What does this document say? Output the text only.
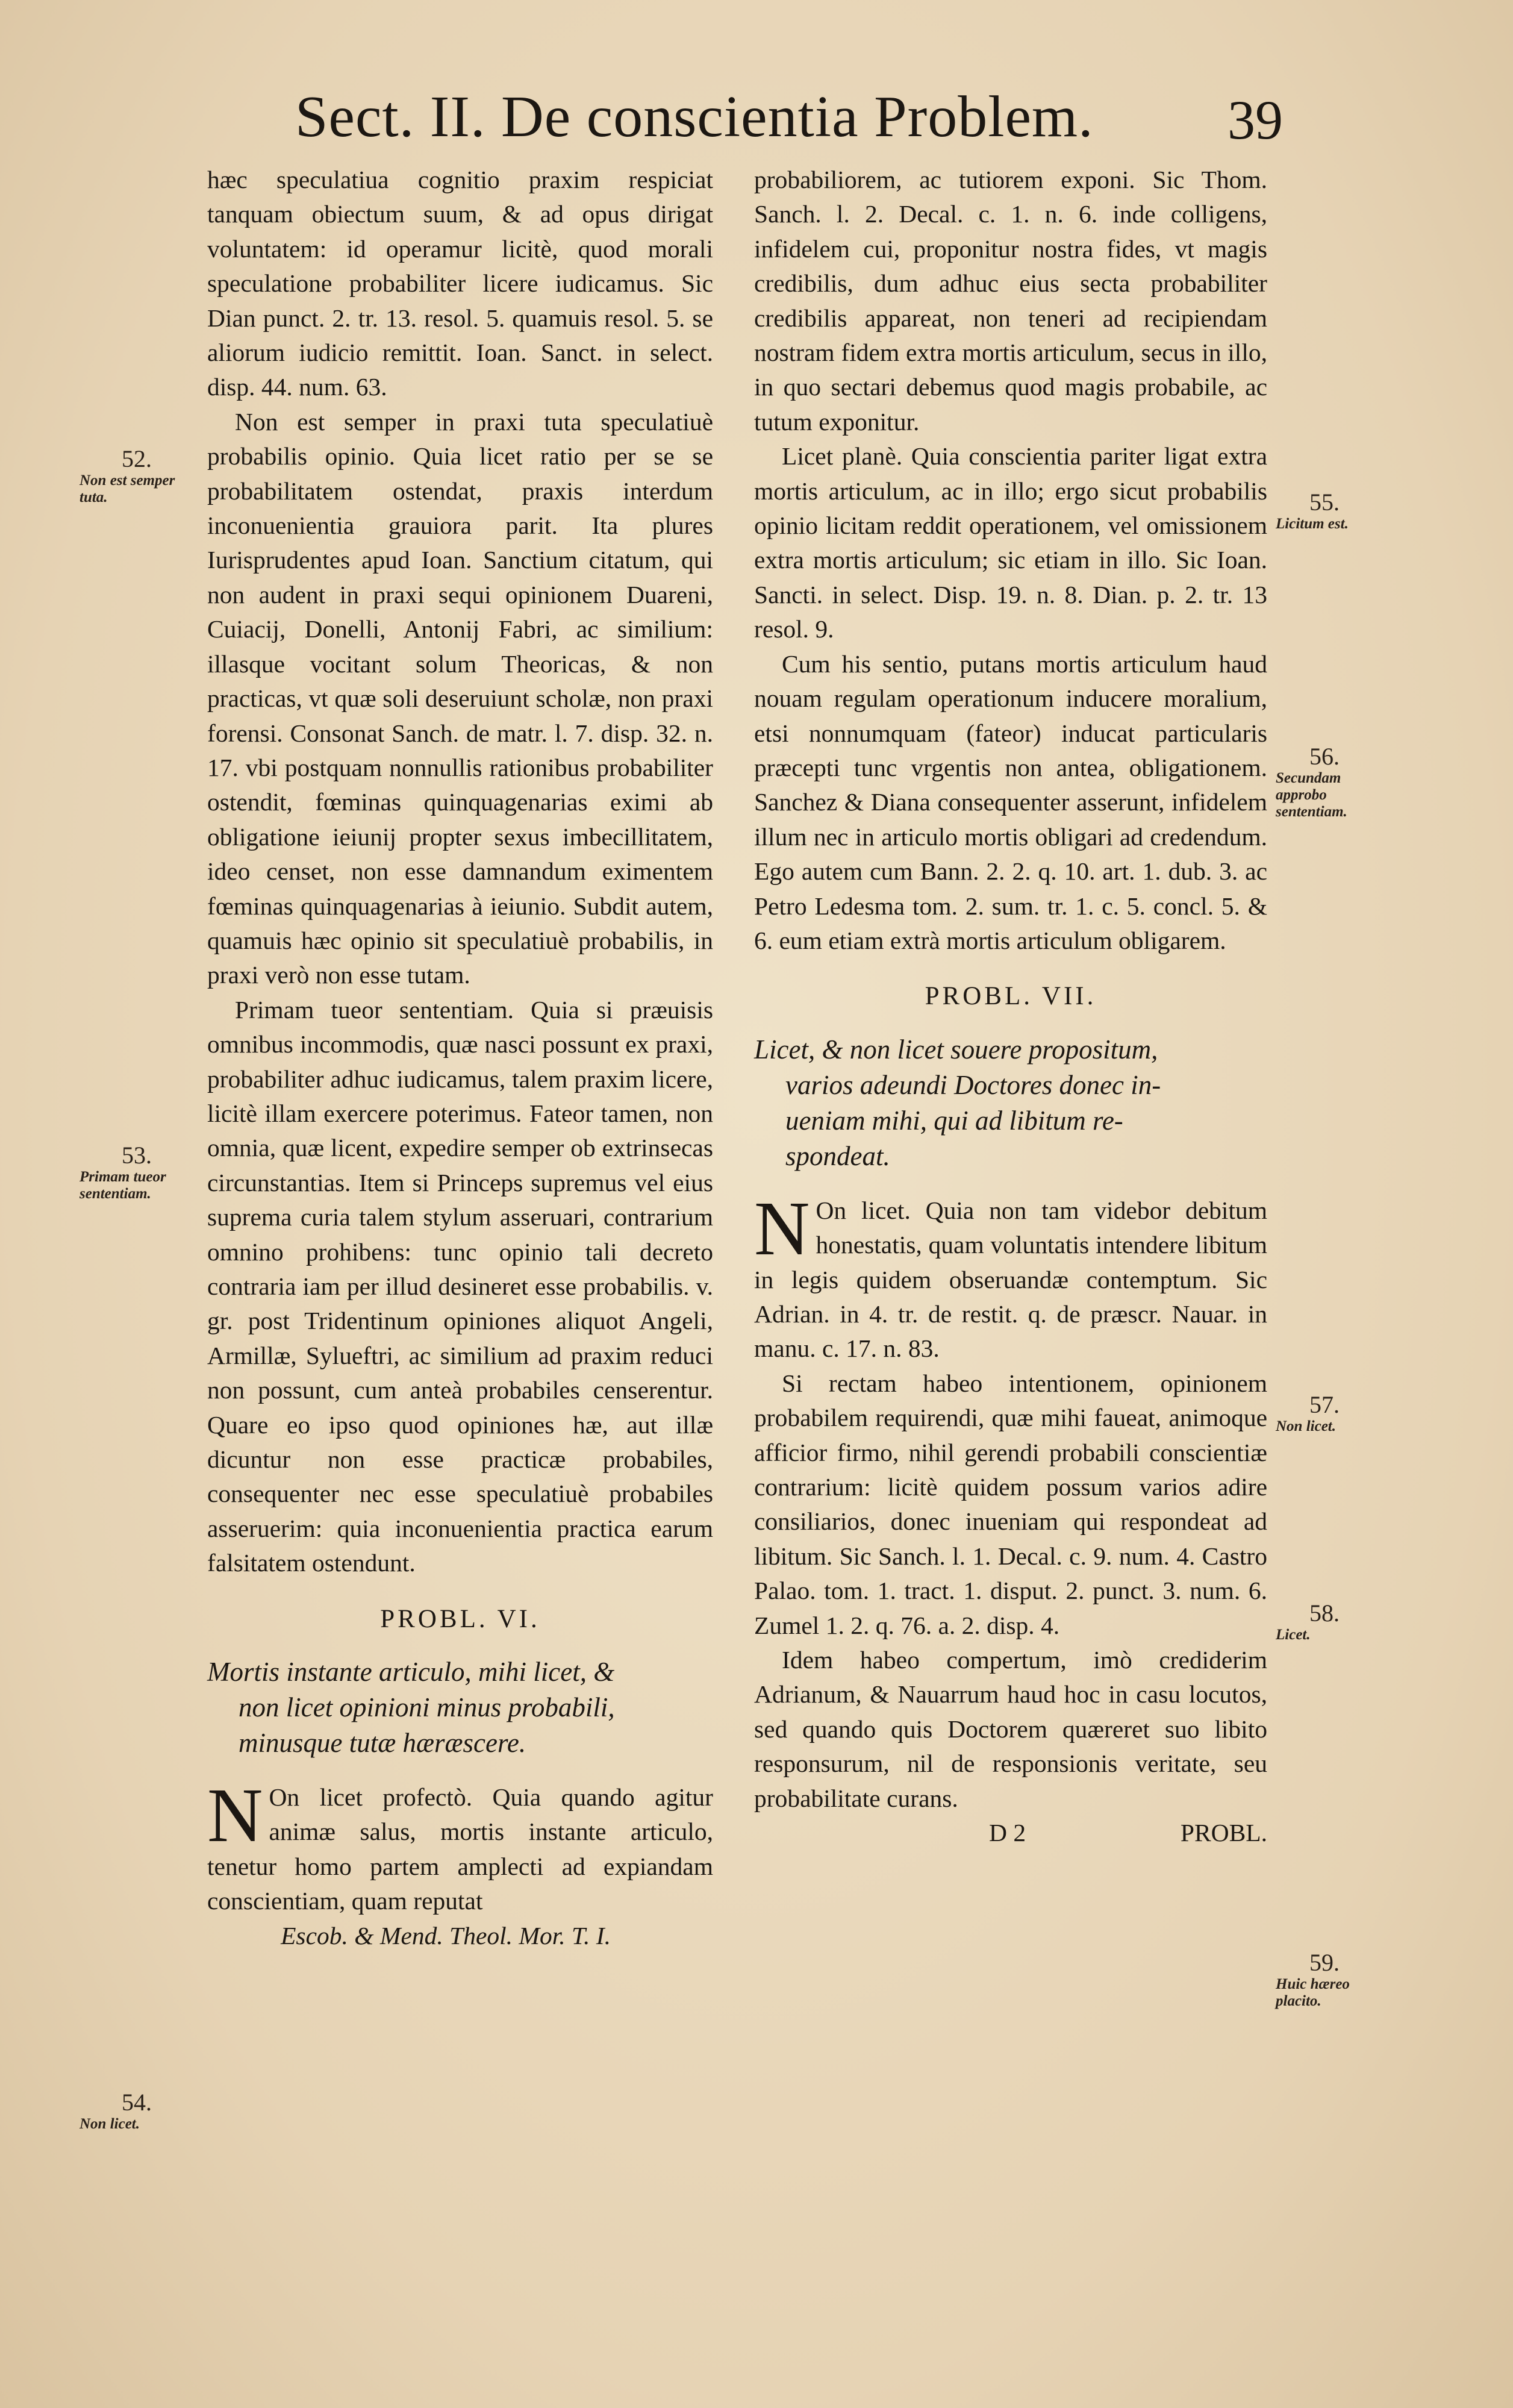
Sect. II. De conscientia Problem. 39

hæc speculatiua cognitio praxim respiciat tanquam obiectum suum, & ad opus dirigat voluntatem: id operamur licitè, quod morali speculatione probabiliter licere iudicamus. Sic Dian punct. 2. tr. 13. resol. 5. quamuis resol. 5. se aliorum iudicio remittit. Ioan. Sanct. in select. disp. 44. num. 63.

Non est semper in praxi tuta speculatiuè probabilis opinio. Quia licet ratio per se se probabilitatem ostendat, praxis interdum inconuenientia grauiora parit. Ita plures Iurisprudentes apud Ioan. Sanctium citatum, qui non audent in praxi sequi opinionem Duareni, Cuiacij, Donelli, Antonij Fabri, ac similium: illasque vocitant solum Theoricas, & non practicas, vt quæ soli deseruiunt scholæ, non praxi forensi. Consonat Sanch. de matr. l. 7. disp. 32. n. 17. vbi postquam nonnullis rationibus probabiliter ostendit, fœminas quinquagenarias eximi ab obligatione ieiunij propter sexus imbecillitatem, ideo censet, non esse damnandum eximentem fœminas quinquagenarias à ieiunio. Subdit autem, quamuis hæc opinio sit speculatiuè probabilis, in praxi verò non esse tutam.

Primam tueor sententiam. Quia si præuisis omnibus incommodis, quæ nasci possunt ex praxi, probabiliter adhuc iudicamus, talem praxim licere, licitè illam exercere poterimus. Fateor tamen, non omnia, quæ licent, expedire semper ob extrinsecas circunstantias. Item si Princeps supremus vel eius suprema curia talem stylum asseruari, contrarium omnino prohibens: tunc opinio tali decreto contraria iam per illud desineret esse probabilis. v. gr. post Tridentinum opiniones aliquot Angeli, Armillæ, Sylueftri, ac similium ad praxim reduci non possunt, cum anteà probabiles censerentur. Quare eo ipso quod opiniones hæ, aut illæ dicuntur non esse practicæ probabiles, consequenter nec esse speculatiuè probabiles asseruerim: quia inconuenientia practica earum falsitatem ostendunt.

PROBL. VI.

Mortis instante articulo, mihi licet, &
non licet opinioni minus probabili,
minusque tutæ hæræscere.

N On licet profectò. Quia quando agitur animæ salus, mortis instante articulo, tenetur homo partem amplecti ad expiandam conscientiam, quam reputat

Escob. & Mend. Theol. Mor. T. I.

probabiliorem, ac tutiorem exponi. Sic Thom. Sanch. l. 2. Decal. c. 1. n. 6. inde colligens, infidelem cui, proponitur nostra fides, vt magis credibilis, dum adhuc eius secta probabiliter credibilis appareat, non teneri ad recipiendam nostram fidem extra mortis articulum, secus in illo, in quo sectari debemus quod magis probabile, ac tutum exponitur.

Licet planè. Quia conscientia pariter ligat extra mortis articulum, ac in illo; ergo sicut probabilis opinio licitam reddit operationem, vel omissionem extra mortis articulum; sic etiam in illo. Sic Ioan. Sancti. in select. Disp. 19. n. 8. Dian. p. 2. tr. 13 resol. 9.

Cum his sentio, putans mortis articulum haud nouam regulam operationum inducere moralium, etsi nonnumquam (fateor) inducat particularis præcepti tunc vrgentis non antea, obligationem. Sanchez & Diana consequenter asserunt, infidelem illum nec in articulo mortis obligari ad credendum. Ego autem cum Bann. 2. 2. q. 10. art. 1. dub. 3. ac Petro Ledesma tom. 2. sum. tr. 1. c. 5. concl. 5. & 6. eum etiam extrà mortis articulum obligarem.

PROBL. VII.

Licet, & non licet souere propositum,
varios adeundi Doctores donec in-
ueniam mihi, qui ad libitum re-
spondeat.

N On licet. Quia non tam videbor debitum honestatis, quam voluntatis intendere libitum in legis quidem obseruandæ contemptum. Sic Adrian. in 4. tr. de restit. q. de præscr. Nauar. in manu. c. 17. n. 83.

Si rectam habeo intentionem, opinionem probabilem requirendi, quæ mihi faueat, animoque afficior firmo, nihil gerendi probabili conscientiæ contrarium: licitè quidem possum varios adire consiliarios, donec inueniam qui respondeat ad libitum. Sic Sanch. l. 1. Decal. c. 9. num. 4. Castro Palao. tom. 1. tract. 1. disput. 2. punct. 3. num. 6. Zumel 1. 2. q. 76. a. 2. disp. 4.

Idem habeo compertum, imò crediderim Adrianum, & Nauarrum haud hoc in casu locutos, sed quando quis Doctorem quæreret suo libito responsurum, nil de responsionis veritate, seu probabilitate curans.

D 2	PROBL.

52.
Non est semper tuta.
53.
Primam tueor sententiam.
54.
Non licet.
55.
Licitum est.
56.
Secundam approbo sententiam.
57.
Non licet.
58.
Licet.
59.
Huic hæreo placito.
